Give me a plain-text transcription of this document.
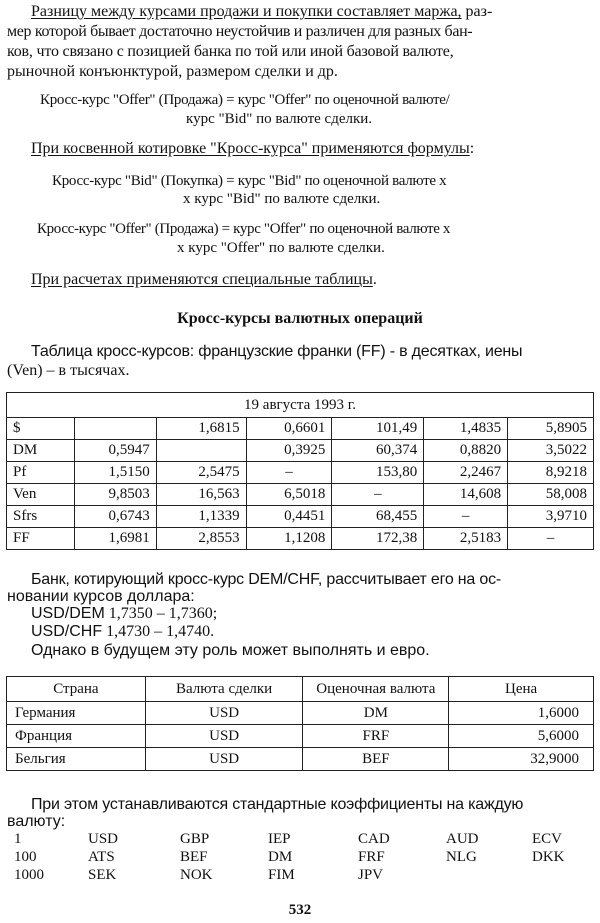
Разницу между курсами продажи и покупки составляет маржа, раз-
мер которой бывает достаточно неустойчив и различен для разных бан-
ков, что связано с позицией банка по той или иной базовой валюте,
рыночной конъюнктурой, размером сделки и др.
Кросс-курс "Offer" (Продажа) = курс "Offer" по оценочной валюте/
курс "Bid" по валюте сделки.
При косвенной котировке "Кросс-курса" применяются формулы:
Кросс-курс "Bid" (Покупка) = курс "Bid" по оценочной валюте х
х курс "Bid" по валюте сделки.
Кросс-курс "Offer" (Продажа) = курс "Offer" по оценочной валюте х
х курс "Offer" по валюте сделки.
При расчетах применяются специальные таблицы.
Кросс-курсы валютных операций
Таблица кросс-курсов: французские франки (FF) - в десятках, иены
(Ven) – в тысячах.
19 августа 1993 г.						
$		1,6815	0,6601	101,49	1,4835	5,8905
DM	0,5947		0,3925	60,374	0,8820	3,5022
Pf	1,5150	2,5475	–	153,80	2,2467	8,9218
Ven	9,8503	16,563	6,5018	–	14,608	58,008
Sfrs	0,6743	1,1339	0,4451	68,455	–	3,9710
FF	1,6981	2,8553	1,1208	172,38	2,5183	–
Банк, котирующий кросс-курс DEM/CHF, рассчитывает его на ос-
новании курсов доллара:
USD/DEM 1,7350 – 1,7360;
USD/CHF 1,4730 – 1,4740.
Однако в будущем эту роль может выполнять и евро.
Страна	Валюта сделки	Оценочная валюта	Цена
Германия	USD	DM	1,6000
Франция	USD	FRF	5,6000
Бельгия	USD	BEF	32,9000
При этом устанавливаются стандартные коэффициенты на каждую
валюту:
1	USD	GBP	IEP	CAD	AUD	ECV
100	ATS	BEF	DM	FRF	NLG	DKK
1000	SEK	NOK	FIM	JPV		
532
